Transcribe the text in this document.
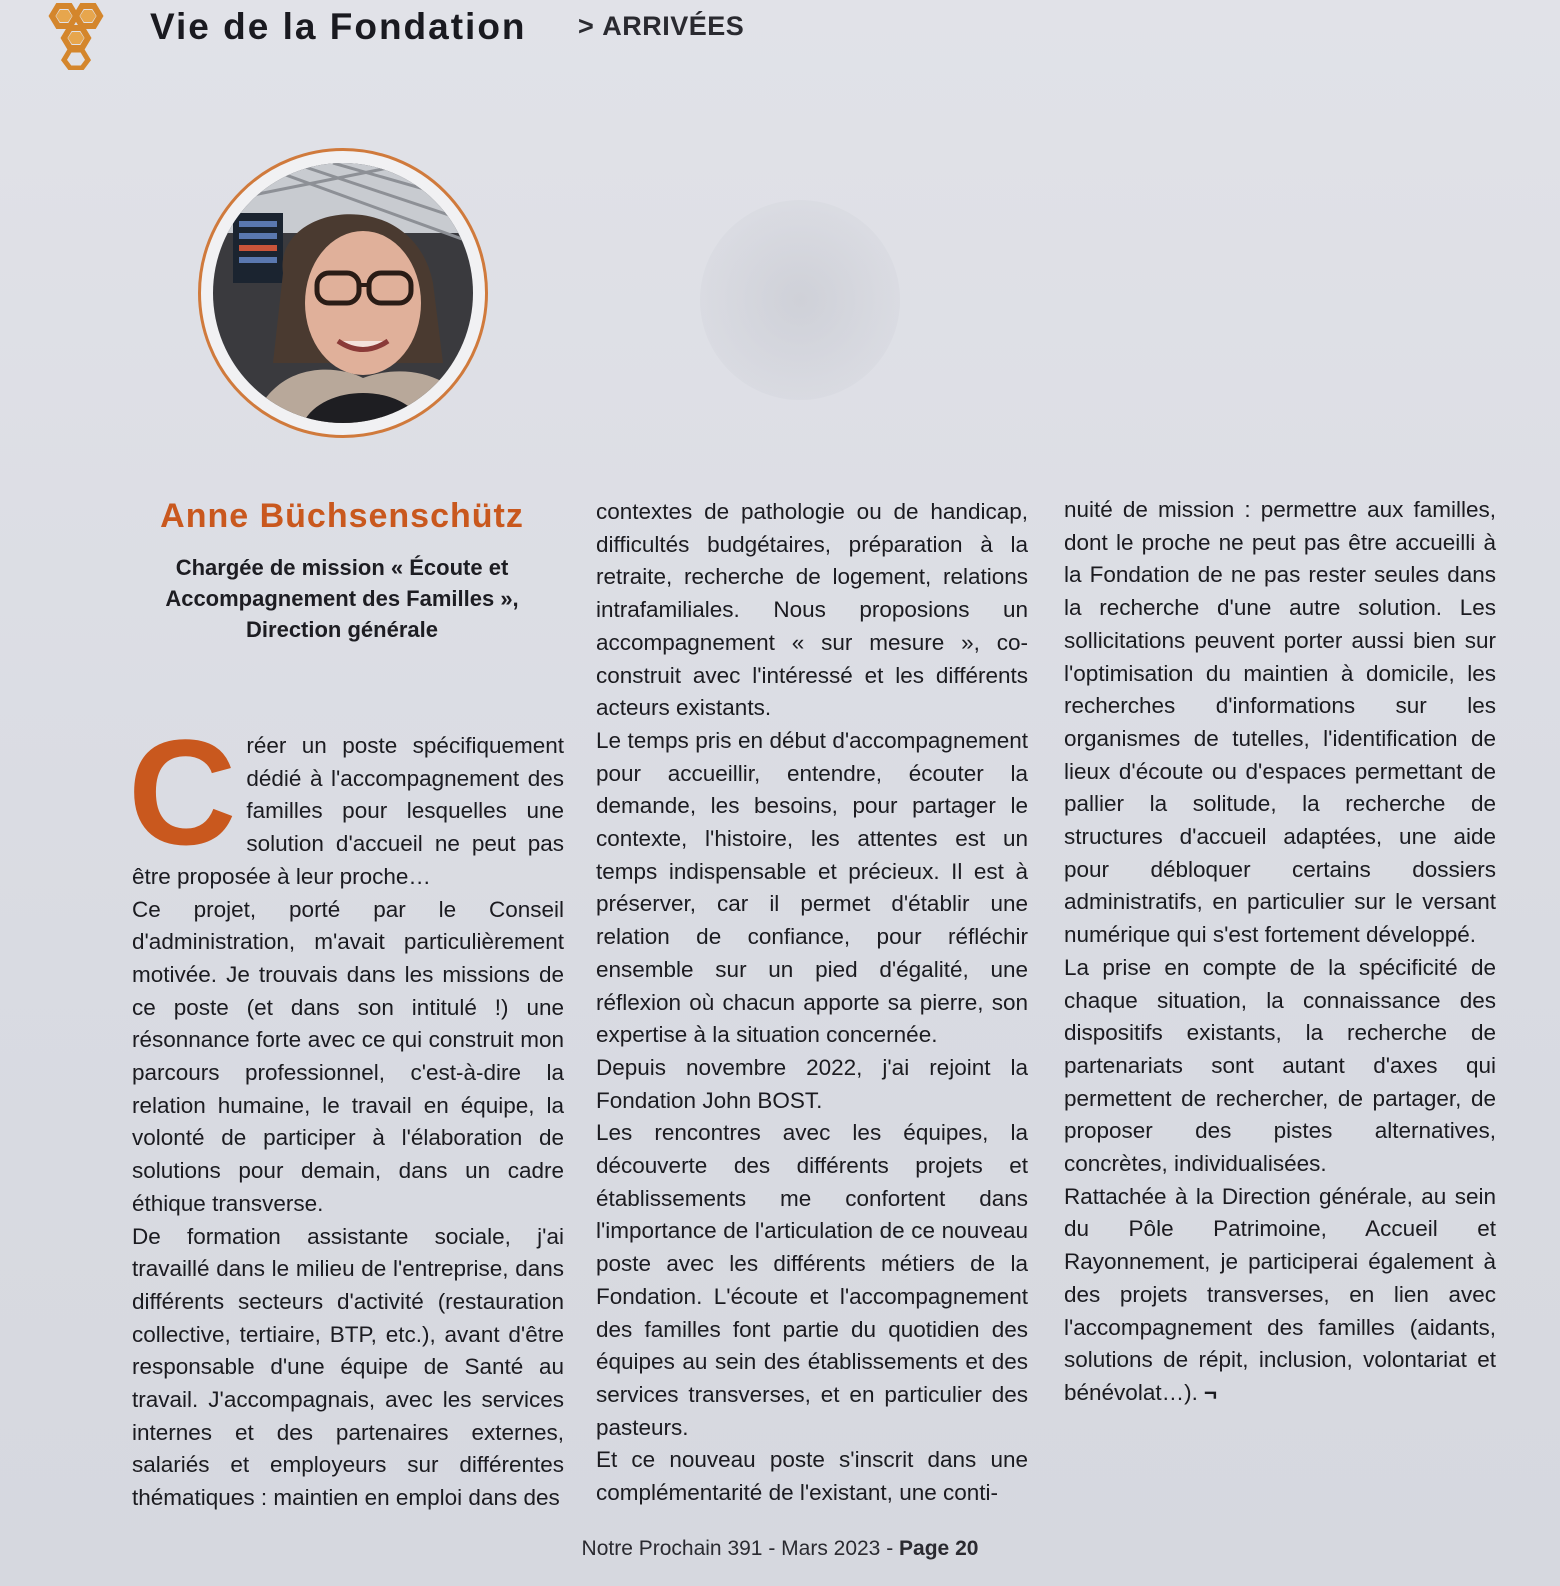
Vie de la Fondation > ARRIVÉES
Anne Büchsenschütz
Chargée de mission « Écoute et
Accompagnement des Familles »,
Direction générale

Créer un poste spécifiquement dédié à l'accompagnement des familles pour lesquelles une solution d'accueil ne peut pas être proposée à leur proche…

Ce projet, porté par le Conseil d'administration, m'avait particulièrement motivée. Je trouvais dans les missions de ce poste (et dans son intitulé !) une résonnance forte avec ce qui construit mon parcours professionnel, c'est-à-dire la relation humaine, le travail en équipe, la volonté de participer à l'élaboration de solutions pour demain, dans un cadre éthique transverse.

De formation assistante sociale, j'ai travaillé dans le milieu de l'entreprise, dans différents secteurs d'activité (restauration collective, tertiaire, BTP, etc.), avant d'être responsable d'une équipe de Santé au travail. J'accompagnais, avec les services internes et des partenaires externes, salariés et employeurs sur différentes thématiques : maintien en emploi dans des

contextes de pathologie ou de handicap, difficultés budgétaires, préparation à la retraite, recherche de logement, relations intrafamiliales. Nous proposions un accompagnement « sur mesure », co-construit avec l'intéressé et les différents acteurs existants.

Le temps pris en début d'accompagnement pour accueillir, entendre, écouter la demande, les besoins, pour partager le contexte, l'histoire, les attentes est un temps indispensable et précieux. Il est à préserver, car il permet d'établir une relation de confiance, pour réfléchir ensemble sur un pied d'égalité, une réflexion où chacun apporte sa pierre, son expertise à la situation concernée.

Depuis novembre 2022, j'ai rejoint la Fondation John BOST.

Les rencontres avec les équipes, la découverte des différents projets et établissements me confortent dans l'importance de l'articulation de ce nouveau poste avec les différents métiers de la Fondation. L'écoute et l'accompagnement des familles font partie du quotidien des équipes au sein des établissements et des services transverses, et en particulier des pasteurs.

Et ce nouveau poste s'inscrit dans une complémentarité de l'existant, une conti-

nuité de mission : permettre aux familles, dont le proche ne peut pas être accueilli à la Fondation de ne pas rester seules dans la recherche d'une autre solution. Les sollicitations peuvent porter aussi bien sur l'optimisation du maintien à domicile, les recherches d'informations sur les organismes de tutelles, l'identification de lieux d'écoute ou d'espaces permettant de pallier la solitude, la recherche de structures d'accueil adaptées, une aide pour débloquer certains dossiers administratifs, en particulier sur le versant numérique qui s'est fortement développé.

La prise en compte de la spécificité de chaque situation, la connaissance des dispositifs existants, la recherche de partenariats sont autant d'axes qui permettent de rechercher, de partager, de proposer des pistes alternatives, concrètes, individualisées.

Rattachée à la Direction générale, au sein du Pôle Patrimoine, Accueil et Rayonnement, je participerai également à des projets transverses, en lien avec l'accompagnement des familles (aidants, solutions de répit, inclusion, volontariat et bénévolat…). ¬

Notre Prochain 391 - Mars 2023 - Page 20
